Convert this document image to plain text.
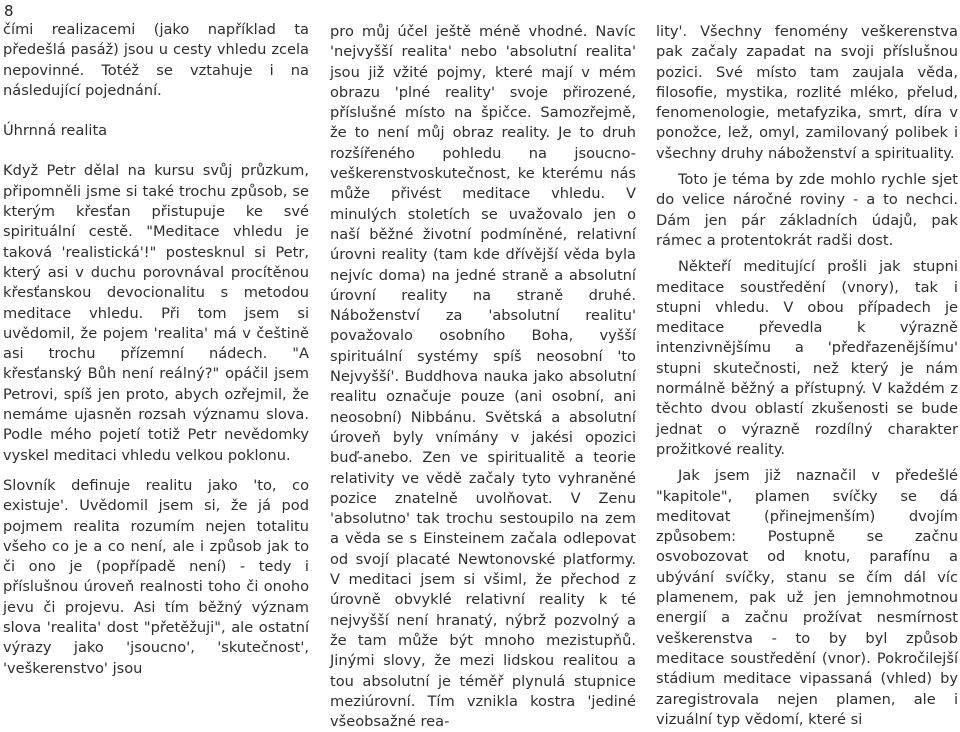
8

čími realizacemi (jako například ta předešlá pasáž) jsou u cesty vhledu zcela nepovinné. Totéž se vztahuje i na následující pojednání.

Úhrnná realita

Když Petr dělal na kursu svůj průzkum, připomněli jsme si také trochu způsob, se kterým křesťan přistupuje ke své spirituální cestě. "Meditace vhledu je taková 'realistická'!" postesknul si Petr, který asi v duchu porovnával procítěnou křesťanskou devocionalitu s metodou meditace vhledu. Při tom jsem si uvědomil, že pojem 'realita' má v češtině asi trochu přízemní nádech. "A křesťanský Bůh není reálný?" opáčil jsem Petrovi, spíš jen proto, abych ozřejmil, že nemáme ujasněn rozsah významu slova. Podle mého pojetí totiž Petr nevědomky vyskel meditaci vhledu velkou poklonu.

Slovník definuje realitu jako 'to, co existuje'. Uvědomil jsem si, že já pod pojmem realita rozumím nejen totalitu všeho co je a co není, ale i způsob jak to či ono je (popřípadě není) - tedy i příslušnou úroveň realnosti toho či onoho jevu či projevu. Asi tím běžný význam slova 'realita' dost "přetěžuji", ale ostatní výrazy jako 'jsoucno', 'skutečnost', 'veškerenstvo' jsou

pro můj účel ještě méně vhodné. Navíc 'nejvyšší realita' nebo 'absolutní realita' jsou již vžité pojmy, které mají v mém obrazu 'plné reality' svoje přirozené, příslušné místo na špičce. Samozřejmě, že to není můj obraz reality. Je to druh rozšířeného pohledu na jsoucno-veškerenstvoskutečnost, ke kterému nás může přivést meditace vhledu. V minulých stoletích se uvažovalo jen o naší běžné životní podmíněné, relativní úrovni reality (tam kde dřívější věda byla nejvíc doma) na jedné straně a absolutní úrovní reality na straně druhé. Náboženství za 'absolutní realitu' považovalo osobního Boha, vyšší spirituální systémy spíš neosobní 'to Nejvyšší'. Buddhova nauka jako absolutní realitu označuje pouze (ani osobní, ani neosobní) Nibbánu. Světská a absolutní úroveň byly vnímány v jakési opozici buď-anebo. Zen ve spiritualitě a teorie relativity ve vědě začaly tyto vyhraněné pozice znatelně uvolňovat. V Zenu 'absolutno' tak trochu sestoupilo na zem a věda se s Einsteinem začala odlepovat od svojí placaté Newtonovské platformy. V meditaci jsem si všiml, že přechod z úrovně obvyklé relativní reality k té nejvyšší není hranatý, nýbrž pozvolný a že tam může být mnoho mezistupňů. Jinými slovy, že mezi lidskou realitou a tou absolutní je téměř plynulá stupnice meziúrovní. Tím vznikla kostra 'jediné všeobsažné rea-

lity'. Všechny fenomény veškerenstva pak začaly zapadat na svoji příslušnou pozici. Své místo tam zaujala věda, filosofie, mystika, rozlité mléko, přelud, fenomenologie, metafyzika, smrt, díra v ponožce, lež, omyl, zamilovaný polibek i všechny druhy náboženství a spirituality.

Toto je téma by zde mohlo rychle sjet do velice náročné roviny - a to nechci. Dám jen pár základních údajů, pak rámec a protentokrát radši dost.

Někteří meditující prošli jak stupni meditace soustředění (vnory), tak i stupni vhledu. V obou případech je meditace převedla k výrazně intenzivnějšímu a 'předřazenějšímu' stupni skutečnosti, než který je nám normálně běžný a přístupný. V každém z těchto dvou oblastí zkušenosti se bude jednat o výrazně rozdílný charakter prožitkové reality.

Jak jsem již naznačil v předešlé "kapitole", plamen svíčky se dá meditovat (přinejmenším) dvojím způsobem: Postupně se začnu osvobozovat od knotu, parafínu a ubývání svíčky, stanu se čím dál víc plamenem, pak už jen jemnohmotnou energií a začnu prožívat nesmírnost veškerenstva - to by byl způsob meditace soustředění (vnor). Pokročilejší stádium meditace vipassaná (vhled) by zaregistrovala nejen plamen, ale i vizuální typ vědomí, které si
